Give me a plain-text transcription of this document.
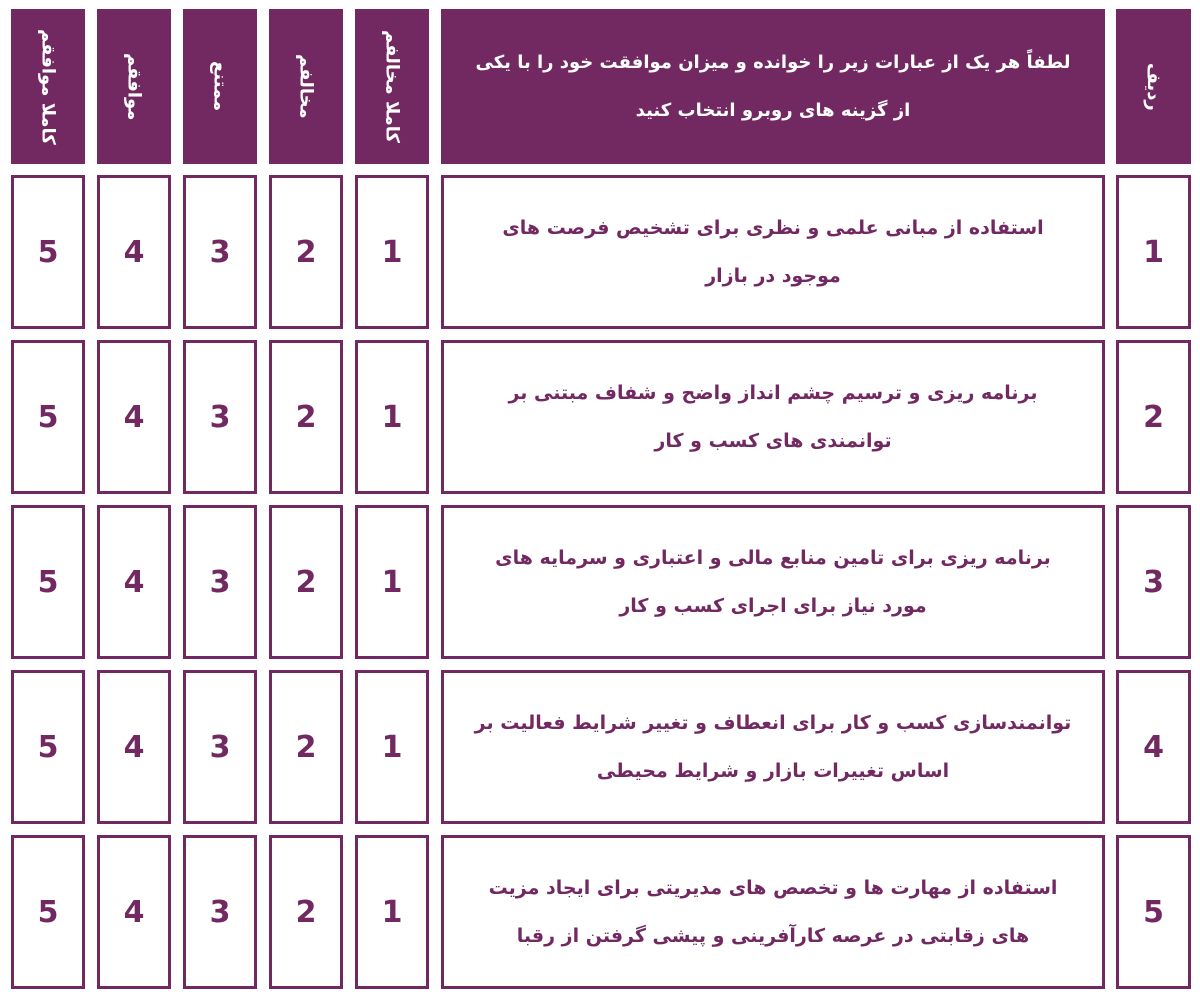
ردیف
لطفاً هر یک از عبارات زیر را خوانده و میزان موافقت خود را با یکی از گزینه های روبرو انتخاب کنید
کاملا مخالفم
مخالفم
ممتنع
موافقم
کاملا موافقم
1
استفاده از مبانی علمی و نظری برای تشخیص فرصت های موجود در بازار
1
2
3
4
5
2
برنامه ریزی و ترسیم چشم انداز واضح و شفاف مبتنی بر توانمندی های کسب و کار
1
2
3
4
5
3
برنامه ریزی برای تامین منابع مالی و اعتباری و سرمایه های مورد نیاز برای اجرای کسب و کار
1
2
3
4
5
4
توانمندسازی کسب و کار برای انعطاف و تغییر شرایط فعالیت بر اساس تغییرات بازار و شرایط محیطی
1
2
3
4
5
5
استفاده از مهارت ها و تخصص های مدیریتی برای ایجاد مزیت های زقابتی در عرصه کارآفرینی و پیشی گرفتن از رقبا
1
2
3
4
5
